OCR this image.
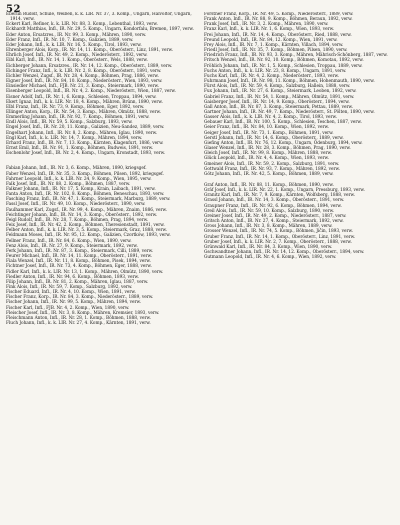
52

Eberlin Rudolf, Schule, Weißen, k. k. LIR. Nr. 37, 3. Komp., Ungarn, Halvöltör, Ungarn, 1914. verw.

Eckert Karl, Refiner, k. k. LIR. Nr. 88, 3. Komp., Lebenthal, 1893, verw.

Eckhardt Matthias, Infl., IR. Nr. 29, 5. Komp., Ungarn, Kondorfalu, Bremen, 1897, verw.

Eder Anton, Ersatzres., IR. Nr. 99, 3. Komp., Mähren, 1890, verw.

Eder Franz, Infl., IR. Nr. 10, 7. Komp., Galizien, 1889, verw.

Eder Johann, Infl., k. k. LIR. Nr. 16, 5. Komp., Tirol, 1893, verw.

Ehrenberger Alois, Korp., IR. Nr. 14, 11. Komp., Oberösterr., Linz, 1891, verw.

Ehrlich Josef, Infl., IR. Nr. 49, 2. Komp., Niederösterr., 1892, verw.

Eibl Karl, Infl., IR. Nr. 14, 1. Komp., Oberösterr., Wels, 1888, verw.

Eichberger Johann, Ersatzres., IR. Nr. 14, 12. Komp., Oberösterr., 1889, verw.

Eichinger Franz, Infl., k. k. LIR. Nr. 2, 8. Komp., Oberösterr., 1891, verw.

Eichler Wenzel, Zugsf., IR. Nr. 28, 4. Komp., Böhmen, Prag, 1886, verw.

Eigner Josef, Infl., IR. Nr. 84, 10. Komp., Niederösterr., Wien, 1893, verw.

Einsiedler Michael, Infl., FJB. Nr. 21, 3. Komp., Steiermark, 1890, verw.

Eisenberger Leopold, Infl., IR. Nr. 4, 2. Komp., Niederösterr., Wien, 1887, verw.

Eisner Adolf, Infl., IR. Nr. 1, 6. Komp., Schlesien, Troppau, 1894, verw.

Ekert Ignaz, Infl., k. k. LIR. Nr. 18, 4. Komp., Mähren, Brünn, 1890, verw.

Elbl Franz, Infl., IR. Nr. 73, 9. Komp., Böhmen, Eger, 1892, verw.

Ellinger Anton, Korp., IR. Nr. 54, 3. Komp., Mähren, Olmütz, 1888, verw.

Emmerling Johann, Infl., IR. Nr. 92, 7. Komp., Böhmen, 1891, verw.

Endl Alois, Infl., IR. Nr. 59, 5. Komp., Salzburg, 1893, verw.

Engel Josef, Infl., IR. Nr. 20, 11. Komp., Galizien, Neu-Sandez, 1889, verw.

Engelhart Johann, Infl., IR. Nr. 8, 2. Komp., Mähren, Iglau, 1890, verw.

Engl Karl, Infl., k. k. LIR. Nr. 14, 7. Komp., Mähren, 1894, verw.

Erhard Franz, Infl., IR. Nr. 7, 13. Komp., Kärnten, Klagenfurt, 1886, verw.

Ernst Emil, Infl., IR. Nr. 91, 1. Komp., Böhmen, Budweis, 1891, verw.

Eschenlohr Josef, Infl., IR. Nr. 2, 4. Komp., Ungarn, Kronstadt, 1893, verw.

Fabian Johann, Infl., IR. Nr. 3, 6. Komp., Mähren, 1890, kriegsgef.

Faber Wenzel, Infl., IR. Nr. 35, 3. Komp., Böhmen, Pilsen, 1892, kriegsgef.

Fahrner Leopold, Infl., k. k. LIR. Nr. 24, 9. Komp., Wien, 1895, verw.

Falk Josef, Infl., IR. Nr. 88, 2. Komp., Böhmen, 1887, verw.

Falkner Johann, Infl., IR. Nr. 17, 5. Komp., Krain, Laibach, 1891, verw.

Fanta Anton, Infl., IR. Nr. 102, 8. Komp., Böhmen, Beneschau, 1893, verw.

Fasching Franz, Infl., IR. Nr. 47, 1. Komp., Steiermark, Marburg, 1889, verw.

Fassl Josef, Infl., IR. Nr. 49, 10. Komp., Niederösterr., 1890, verw.

Faulhammer Karl, Zugsf., IR. Nr. 99, 4. Komp., Mähren, Znaim, 1886, verw.

Feichtinger Johann, Infl., IR. Nr. 14, 3. Komp., Oberösterr., 1892, verw.

Feigl Rudolf, Infl., IR. Nr. 28, 7. Komp., Böhmen, Prag, 1894, verw.

Feix Josef, Infl., IR. Nr. 42, 2. Komp., Böhmen, Theresienstadt, 1891, verw.

Felber Anton, Infl., k. k. LIR. Nr. 3, 5. Komp., Steiermark, Graz, 1888, verw.

Feldmann Moses, Infl., IR. Nr. 95, 12. Komp., Galizien, Czortków, 1893, verw.

Fellner Franz, Infl., IR. Nr. 84, 6. Komp., Wien, 1890, verw.

Fenz Alois, Infl., IR. Nr. 27, 9. Komp., Steiermark, 1892, verw.

Ferk Johann, Infl., IR. Nr. 87, 3. Komp., Steiermark, Cilli, 1889, verw.

Feurer Michael, Infl., IR. Nr. 14, 11. Komp., Oberösterr., 1891, verw.

Fiala Wenzel, Infl., IR. Nr. 11, 8. Komp., Böhmen, Pisek, 1894, verw.

Fichtner Josef, Infl., IR. Nr. 73, 4. Komp., Böhmen, Eger, 1888, verw.

Fidler Karl, Infl., k. k. LIR. Nr. 13, 1. Komp., Mähren, Olmütz, 1890, verw.

Fiedler Anton, Infl., IR. Nr. 94, 6. Komp., Böhmen, 1893, verw.

Filip Johann, Infl., IR. Nr. 81, 2. Komp., Mähren, Iglau, 1887, verw.

Fink Alois, Infl., IR. Nr. 59, 7. Komp., Salzburg, 1892, verw.

Fischer Eduard, Infl., IR. Nr. 4, 10. Komp., Wien, 1891, verw.

Fischer Franz, Korp., IR. Nr. 84, 3. Komp., Niederösterr., 1889, verw.

Fischer Johann, Infl., IR. Nr. 99, 5. Komp., Mähren, 1894, verw.

Fischer Karl, Infl., FJB. Nr. 4, 2. Komp., Wien, 1890, verw.

Fleischer Josef, Infl., IR. Nr. 3, 8. Komp., Mähren, Kremsier, 1893, verw.

Fleischmann Anton, Infl., IR. Nr. 28, 1. Komp., Böhmen, 1888, verw.

Fluch Johann, Infl., k. k. LIR. Nr. 27, 4. Komp., Kärnten, 1891, verw.

Forstner Franz, Korp., IR. Nr. 49, 5. Komp., Niederösterr., 1889, verw.

Frank Anton, Infl., IR. Nr. 88, 9. Komp., Böhmen, Beraun, 1892, verw.

Frank Josef, Infl., IR. Nr. 3, 2. Komp., Mähren, 1890, verw.

Franz Karl, Infl., k. k. LIR. Nr. 1, 6. Komp., Wien, 1893, verw.

Frei Johann, Infl., IR. Nr. 14, 4. Komp., Oberösterr., Ried, 1888, verw.

Freund Leopold, Infl., IR. Nr. 84, 12. Komp., Wien, 1891, verw.

Frey Alois, Infl., IR. Nr. 7, 1. Komp., Kärnten, Villach, 1894, verw.

Friedl Josef, Infl., IR. Nr. 35, 7. Komp., Böhmen, Pilsen, 1890, verw.

Friedrich Franz, Infl., IR. Nr. 93, 3. Komp., Mähren, Mährisch-Schönberg, 1887, verw.

Fritsch Wenzel, Infl., IR. Nr. 92, 10. Komp., Böhmen, Komotau, 1892, verw.

Fröhlich Johann, Infl., IR. Nr. 1, 5. Komp., Schlesien, Troppau, 1889, verw.

Fuchs Anton, Infl., k. k. LIR. Nr. 23, 8. Komp., Ungarn, 1891, verw.

Fuchs Karl, Infl., IR. Nr. 4, 2. Komp., Niederösterr., 1893, verw.

Fuhrmann Josef, Infl., IR. Nr. 98, 11. Komp., Böhmen, Hohenmauth, 1890, verw.

Fürst Alois, Infl., IR. Nr. 59, 4. Komp., Salzburg, Hallein, 1888, verw.

Fux Johann, Infl., IR. Nr. 27, 6. Komp., Steiermark, Leoben, 1892, verw.

Gabriel Franz, Infl., IR. Nr. 54, 1. Komp., Mähren, Olmütz, 1891, verw.

Gaisberger Josef, Infl., IR. Nr. 14, 9. Komp., Oberösterr., 1894, verw.

Gall Anton, Infl., IR. Nr. 87, 3. Komp., Steiermark, Pettau, 1889, verw.

Gartner Johann, Infl., IR. Nr. 49, 7. Komp., Niederösterr., St. Pölten, 1890, verw.

Gasser Alois, Infl., k. k. LIR. Nr. 4, 2. Komp., Tirol, 1893, verw.

Gebauer Karl, Infl., IR. Nr. 100, 5. Komp., Schlesien, Teschen, 1887, verw.

Geier Franz, Infl., IR. Nr. 84, 10. Komp., Wien, 1892, verw.

Geiger Josef, Infl., IR. Nr. 73, 1. Komp., Böhmen, 1891, verw.

Gerstl Johann, Infl., IR. Nr. 14, 6. Komp., Oberösterr., 1889, verw.

Giefing Anton, Infl., IR. Nr. 76, 12. Komp., Ungarn, Ödenburg, 1894, verw.

Glaser Wenzel, Infl., IR. Nr. 28, 3. Komp., Böhmen, Prag, 1890, verw.

Gleich Josef, Infl., IR. Nr. 99, 8. Komp., Mähren, 1888, verw.

Glück Leopold, Infl., IR. Nr. 4, 4. Komp., Wien, 1893, verw.

Gmeiner Alois, Infl., IR. Nr. 59, 2. Komp., Salzburg, 1891, verw.

Gottwald Franz, Infl., IR. Nr. 93, 7. Komp., Mähren, 1892, verw.

Götz Johann, Infl., IR. Nr. 42, 5. Komp., Böhmen, 1889, verw.

Graf Anton, Infl., IR. Nr. 88, 11. Komp., Böhmen, 1890, verw.

Gräf Josef, Infl., k. k. LIR. Nr. 22, 1. Komp., Ungarn, Pressburg, 1893, verw.

Granitz Karl, Infl., IR. Nr. 7, 9. Komp., Kärnten, Wolfsberg, 1888, verw.

Grassl Johann, Infl., IR. Nr. 14, 3. Komp., Oberösterr., 1891, verw.

Graupner Franz, Infl., IR. Nr. 92, 6. Komp., Böhmen, 1894, verw.

Greil Alois, Infl., IR. Nr. 59, 10. Komp., Salzburg, 1890, verw.

Greiner Josef, Infl., IR. Nr. 49, 2. Komp., Niederösterr., 1887, verw.

Gritsch Anton, Infl., IR. Nr. 27, 4. Komp., Steiermark, 1892, verw.

Gross Johann, Infl., IR. Nr. 3, 8. Komp., Mähren, 1889, verw.

Grosser Wenzel, Infl., IR. Nr. 74, 5. Komp., Böhmen, Jičin, 1893, verw.

Gruber Franz, Infl., IR. Nr. 14, 1. Komp., Oberösterr., Linz, 1891, verw.

Gruber Josef, Infl., k. k. LIR. Nr. 2, 7. Komp., Oberösterr., 1888, verw.

Grünwald Karl, Infl., IR. Nr. 84, 3. Komp., Wien, 1890, verw.

Gschwandtner Johann, Infl., IR. Nr. 14, 12. Komp., Oberösterr., 1894, verw.

Gutmann Leopold, Infl., IR. Nr. 4, 6. Komp., Wien, 1892, verw.
